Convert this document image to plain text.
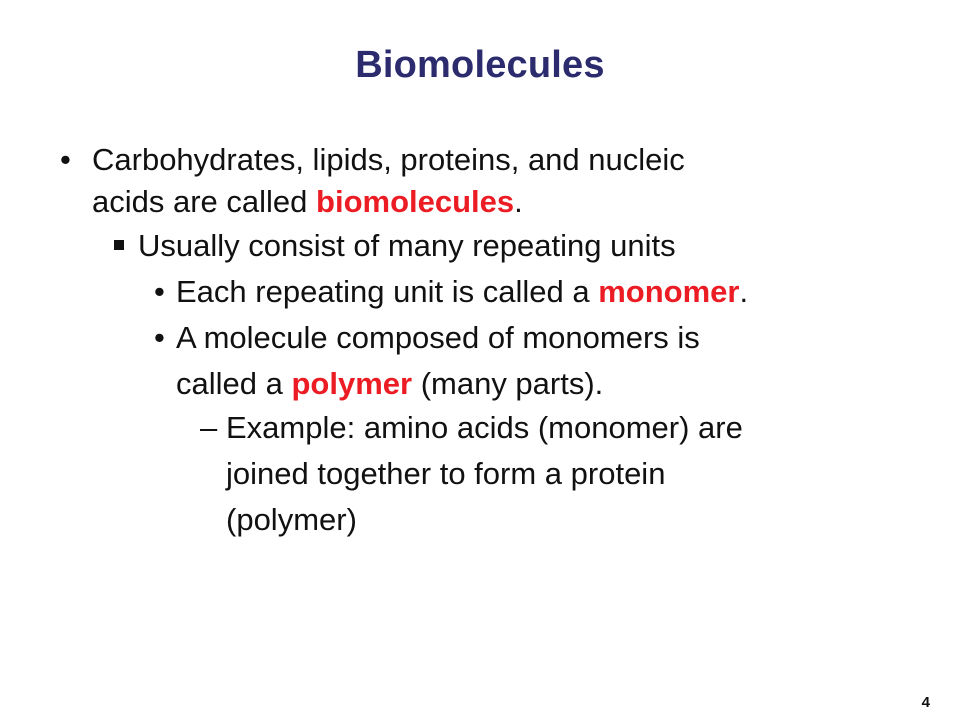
Biomolecules
• Carbohydrates, lipids, proteins, and nucleic
acids are called biomolecules.
Usually consist of many repeating units
• Each repeating unit is called a monomer.
• A molecule composed of monomers is
called a polymer (many parts).
– Example: amino acids (monomer) are
joined together to form a protein
(polymer)
4
